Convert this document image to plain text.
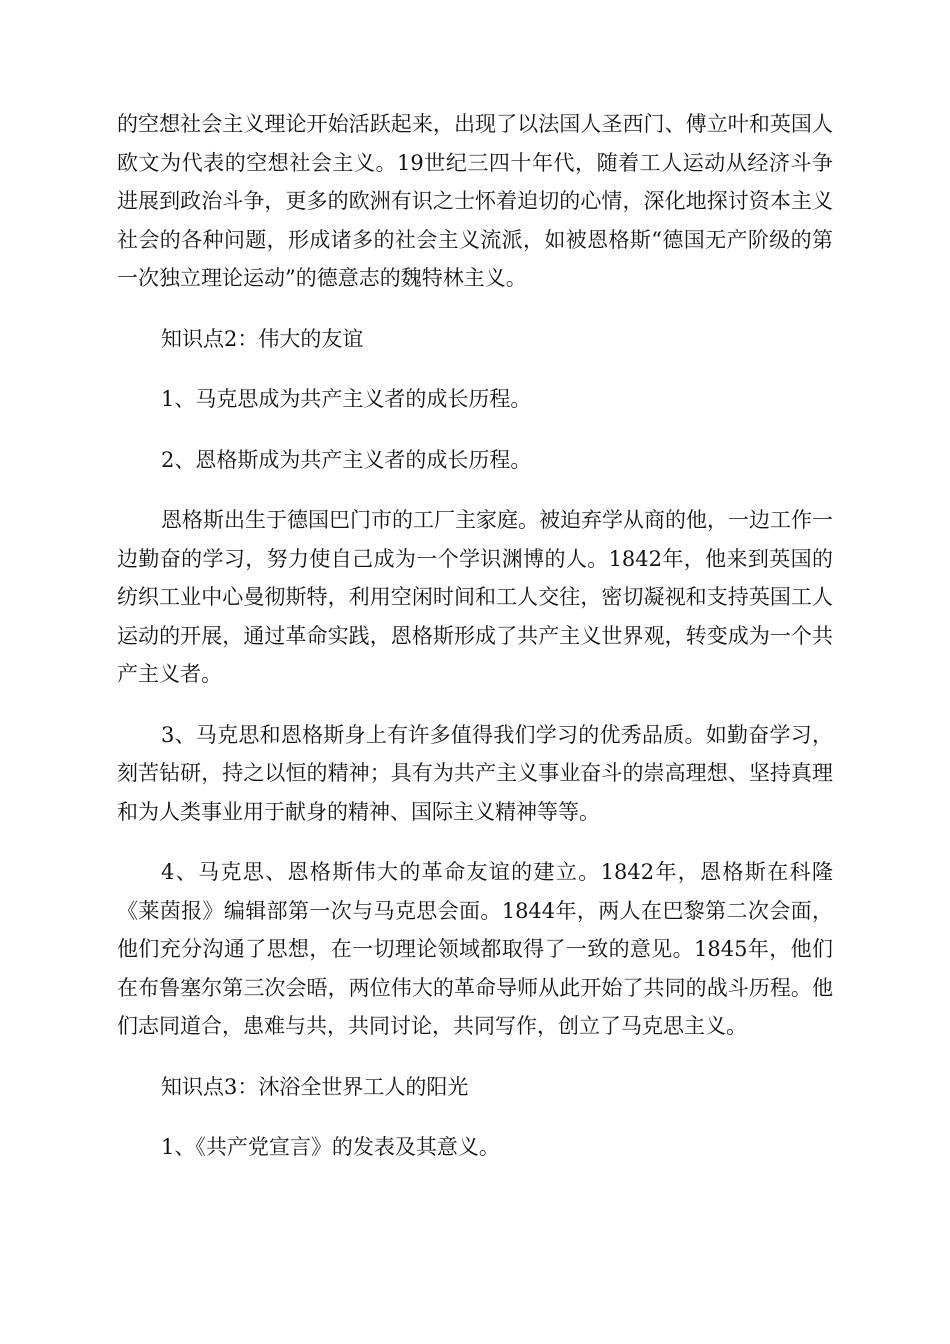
的空想社会主义理论开始活跃起来，出现了以法国人圣西门、傅立叶和英国人欧文为代表的空想社会主义。19世纪三四十年代，随着工人运动从经济斗争进展到政治斗争，更多的欧洲有识之士怀着迫切的心情，深化地探讨资本主义社会的各种问题，形成诸多的社会主义流派，如被恩格斯“德国无产阶级的第一次独立理论运动”的德意志的魏特林主义。

知识点2：伟大的友谊

1、马克思成为共产主义者的成长历程。

2、恩格斯成为共产主义者的成长历程。

恩格斯出生于德国巴门市的工厂主家庭。被迫弃学从商的他，一边工作一边勤奋的学习，努力使自己成为一个学识渊博的人。1842年，他来到英国的纺织工业中心曼彻斯特，利用空闲时间和工人交往，密切凝视和支持英国工人运动的开展，通过革命实践，恩格斯形成了共产主义世界观，转变成为一个共产主义者。

3、马克思和恩格斯身上有许多值得我们学习的优秀品质。如勤奋学习，刻苦钻研，持之以恒的精神；具有为共产主义事业奋斗的崇高理想、坚持真理和为人类事业用于献身的精神、国际主义精神等等。

4、马克思、恩格斯伟大的革命友谊的建立。1842年，恩格斯在科隆《莱茵报》编辑部第一次与马克思会面。1844年，两人在巴黎第二次会面，他们充分沟通了思想，在一切理论领域都取得了一致的意见。1845年，他们在布鲁塞尔第三次会晤，两位伟大的革命导师从此开始了共同的战斗历程。他们志同道合，患难与共，共同讨论，共同写作，创立了马克思主义。

知识点3：沐浴全世界工人的阳光

1、《共产党宣言》的发表及其意义。
